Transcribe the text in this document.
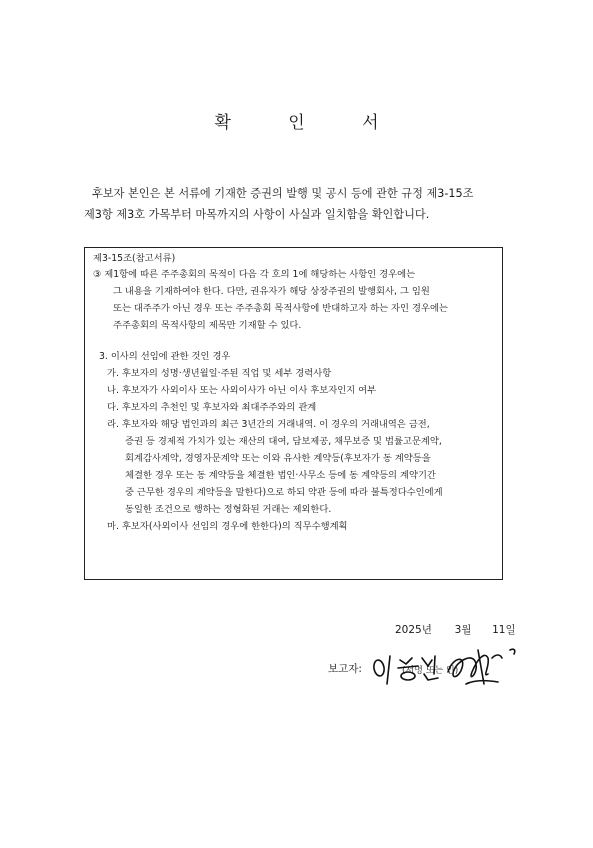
확 인 서
후보자 본인은 본 서류에 기재한 증권의 발행 및 공시 등에 관한 규정 제3-15조
제3항 제3호 가목부터 마목까지의 사항이 사실과 일치함을 확인합니다.
제3-15조(참고서류)
③ 제1항에 따른 주주총회의 목적이 다음 각 호의 1에 해당하는 사항인 경우에는
그 내용을 기재하여야 한다. 다만, 권유자가 해당 상장주권의 발행회사, 그 임원
또는 대주주가 아닌 경우 또는 주주총회 목적사항에 반대하고자 하는 자인 경우에는
주주총회의 목적사항의 제목만 기재할 수 있다.
3. 이사의 선임에 관한 것인 경우
가. 후보자의 성명·생년월일·주된 직업 및 세부 경력사항
나. 후보자가 사외이사 또는 사외이사가 아닌 이사 후보자인지 여부
다. 후보자의 추천인 및 후보자와 최대주주와의 관계
라. 후보자와 해당 법인과의 최근 3년간의 거래내역. 이 경우의 거래내역은 금전,
증권 등 경제적 가치가 있는 재산의 대여, 담보제공, 채무보증 및 법률고문계약,
회계감사계약, 경영자문계약 또는 이와 유사한 계약등(후보자가 동 계약등을
체결한 경우 또는 동 계약등을 체결한 법인·사무소 등에 동 계약등의 계약기간
중 근무한 경우의 계약등을 말한다)으로 하되 약관 등에 따라 불특정다수인에게
동일한 조건으로 행하는 정형화된 거래는 제외한다.
마. 후보자(사외이사 선임의 경우에 한한다)의 직무수행계획
2025년 3월 11일
보고자:	(서명 또는 인)
